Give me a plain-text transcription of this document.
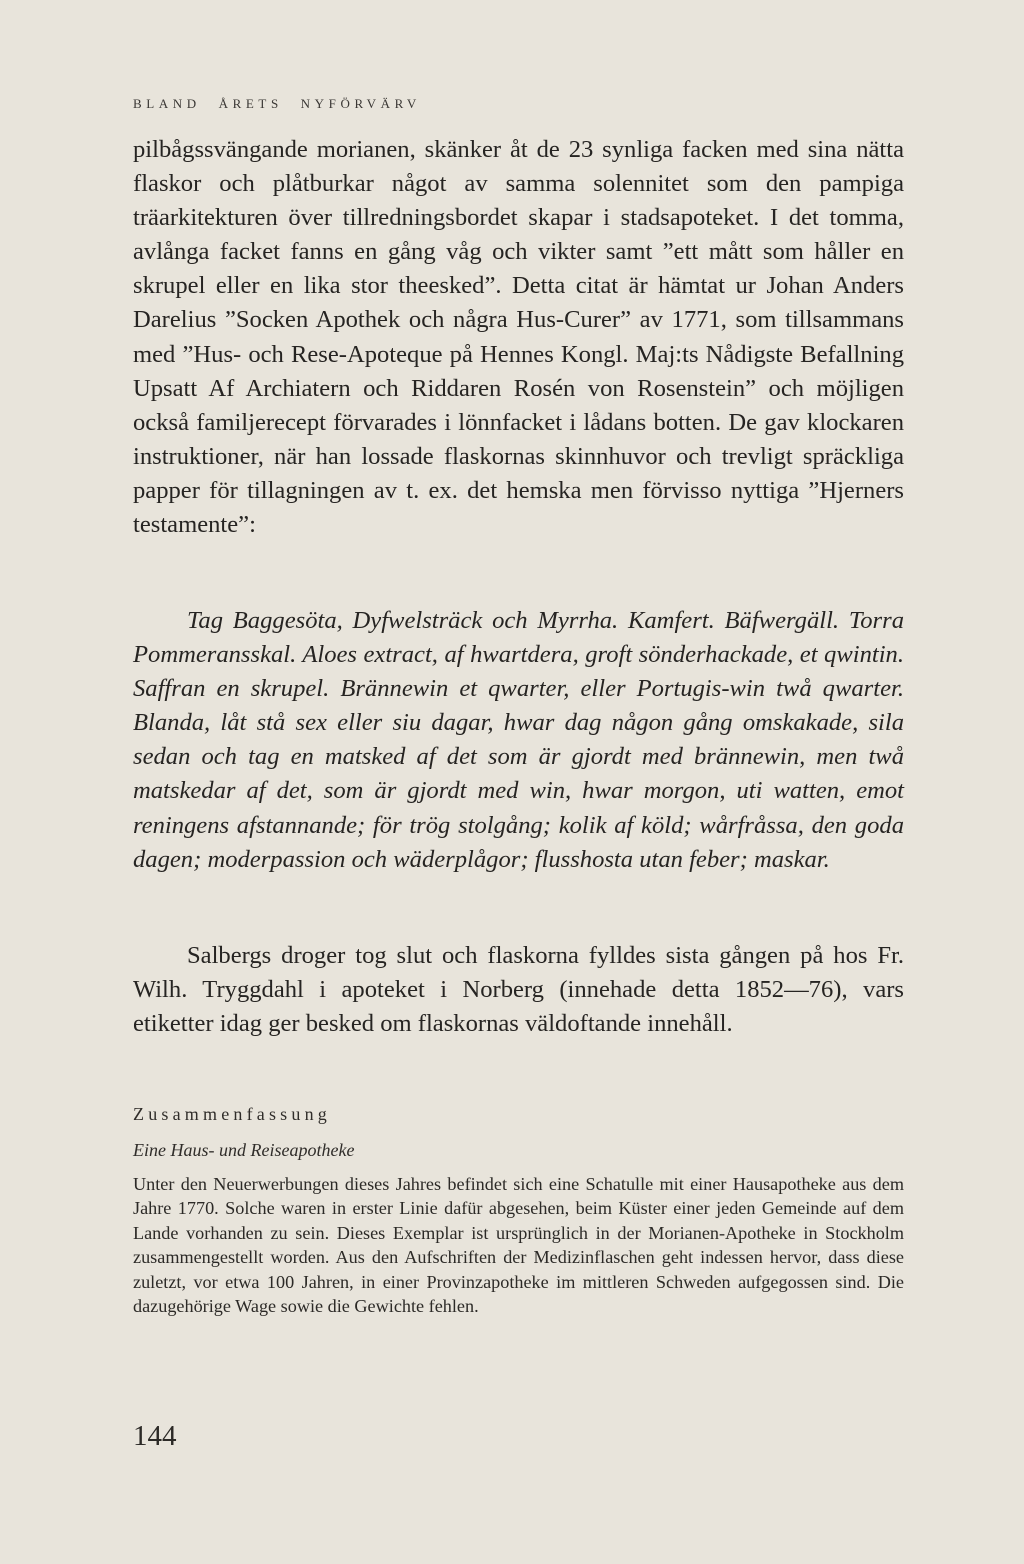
BLAND ÅRETS NYFÖRVÄRV

pilbågssvängande morianen, skänker åt de 23 synliga facken med sina nätta flaskor och plåtburkar något av samma solennitet som den pampiga träarkitekturen över tillredningsbordet skapar i stadsapoteket. I det tomma, avlånga facket fanns en gång våg och vikter samt ”ett mått som håller en skrupel eller en lika stor theesked”. Detta citat är hämtat ur Johan Anders Darelius ”Socken Apothek och några Hus-Curer” av 1771, som tillsammans med ”Hus- och Rese-Apoteque på Hennes Kongl. Maj:ts Nådigste Befallning Upsatt Af Archiatern och Riddaren Rosén von Rosenstein” och möjligen också familjerecept förvarades i lönnfacket i lådans botten. De gav klockaren instruktioner, när han lossade flaskornas skinnhuvor och trevligt spräckliga papper för tillagningen av t. ex. det hemska men förvisso nyttiga ”Hjerners testamente”:

Tag Baggesöta, Dyfwelsträck och Myrrha. Kamfert. Bäfwergäll. Torra Pommeransskal. Aloes extract, af hwartdera, groft sönderhackade, et qwintin. Saffran en skrupel. Brännewin et qwarter, eller Portugis-win twå qwarter. Blanda, låt stå sex eller siu dagar, hwar dag någon gång omskakade, sila sedan och tag en matsked af det som är gjordt med brännewin, men twå matskedar af det, som är gjordt med win, hwar morgon, uti watten, emot reningens afstannande; för trög stolgång; kolik af köld; wårfråssa, den goda dagen; moderpassion och wäderplågor; flusshosta utan feber; maskar.

Salbergs droger tog slut och flaskorna fylldes sista gången på hos Fr. Wilh. Tryggdahl i apoteket i Norberg (innehade detta 1852—76), vars etiketter idag ger besked om flaskornas väldoftande innehåll.

Zusammenfassung
Eine Haus- und Reiseapotheke

Unter den Neuerwerbungen dieses Jahres befindet sich eine Schatulle mit einer Hausapotheke aus dem Jahre 1770. Solche waren in erster Linie dafür abgesehen, beim Küster einer jeden Gemeinde auf dem Lande vorhanden zu sein. Dieses Exemplar ist ursprünglich in der Morianen-Apotheke in Stockholm zusammengestellt worden. Aus den Aufschriften der Medizinflaschen geht indessen hervor, dass diese zuletzt, vor etwa 100 Jahren, in einer Provinzapotheke im mittleren Schweden aufgegossen sind. Die dazugehörige Wage sowie die Gewichte fehlen.

144
